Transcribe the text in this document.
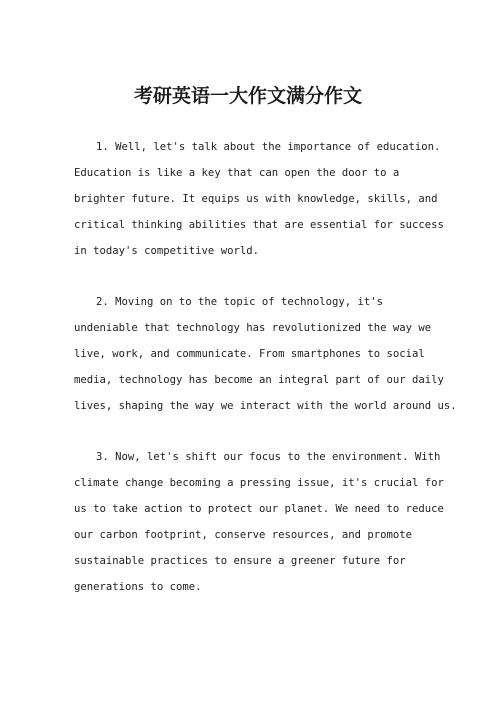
考研英语一大作文满分作文
1. Well, let's talk about the importance of education.
Education is like a key that can open the door to a
brighter future. It equips us with knowledge, skills, and
critical thinking abilities that are essential for success
in today's competitive world.
2. Moving on to the topic of technology, it's
undeniable that technology has revolutionized the way we
live, work, and communicate. From smartphones to social
media, technology has become an integral part of our daily
lives, shaping the way we interact with the world around us.
3. Now, let's shift our focus to the environment. With
climate change becoming a pressing issue, it's crucial for
us to take action to protect our planet. We need to reduce
our carbon footprint, conserve resources, and promote
sustainable practices to ensure a greener future for
generations to come.
